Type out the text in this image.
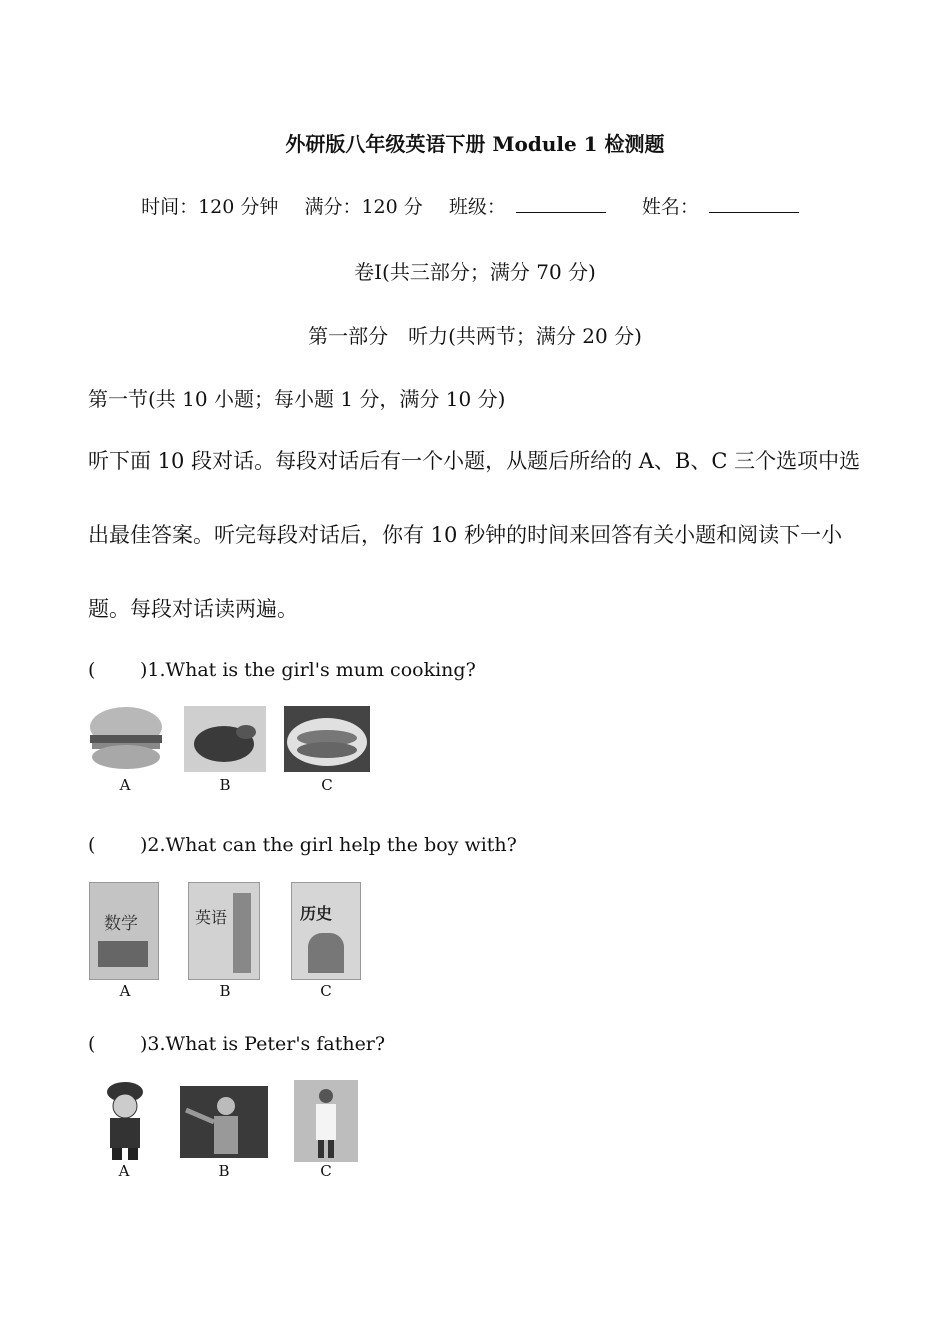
外研版八年级英语下册 Module 1 检测题
时间：120 分钟 满分：120 分 班级：	姓名：
卷Ⅰ(共三部分；满分 70 分)
第一部分　听力(共两节；满分 20 分)
第一节(共 10 小题；每小题 1 分，满分 10 分)
听下面 10 段对话。每段对话后有一个小题，从题后所给的 A、B、C 三个选项中选出最佳答案。听完每段对话后，你有 10 秒钟的时间来回答有关小题和阅读下一小题。每段对话读两遍。
( )1.What is the girl's mum cooking?
A	B	C
( )2.What can the girl help the boy with?
数学	英语	历史
A	B	C
( )3.What is Peter's father?
A	B	C
